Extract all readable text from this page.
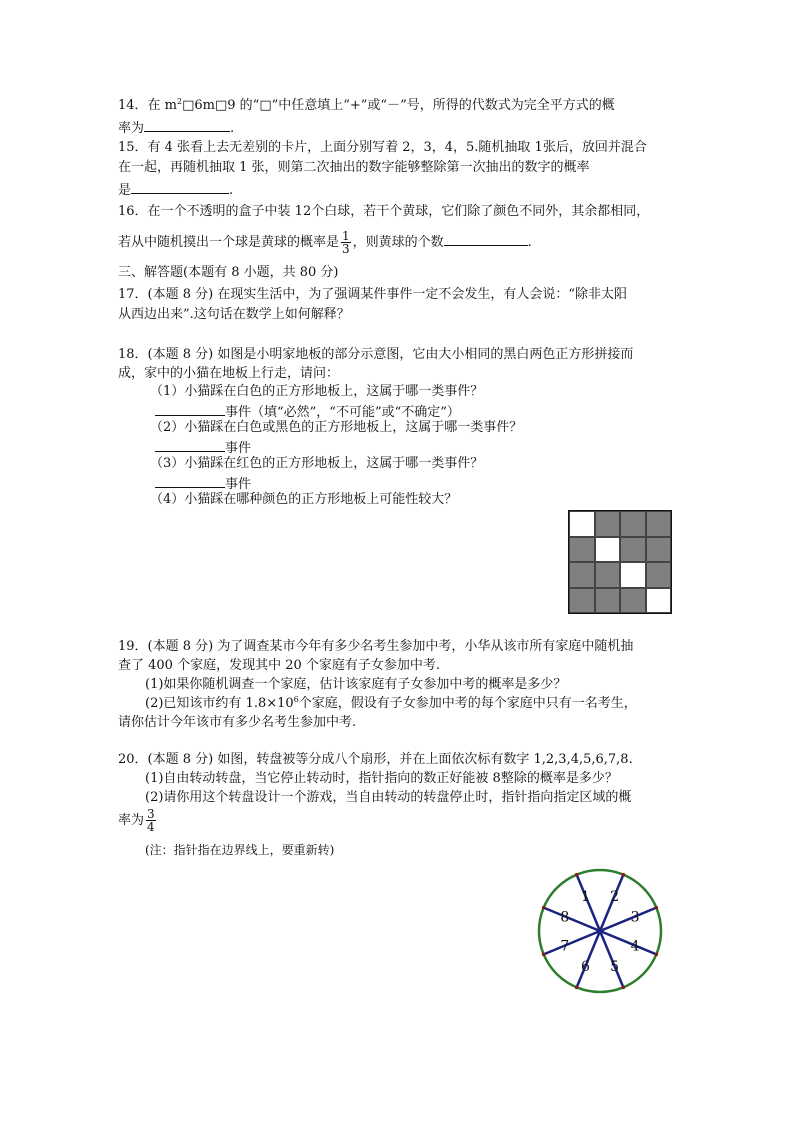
14．在 $m^2□6m□9$ 的“□”中任意填上“+”或“－”号，所得的代数式为完全平方式的概
率为	.
15．有 4 张看上去无差别的卡片，上面分别写着 2，3，4，5.随机抽取 1张后，放回并混合
在一起，再随机抽取 1 张，则第二次抽出的数字能够整除第一次抽出的数字的概率
是	.
16．在一个不透明的盒子中装 12个白球，若干个黄球，它们除了颜色不同外，其余都相同，
若从中随机摸出一个球是黄球的概率是 $\frac{1}{3}$ ，则黄球的个数	.
三、解答题(本题有 8 小题，共 80 分)
17．(本题 8 分) 在现实生活中，为了强调某件事件一定不会发生，有人会说：“除非太阳
从西边出来”.这句话在数学上如何解释？
18．(本题 8 分) 如图是小明家地板的部分示意图，它由大小相同的黑白两色正方形拼接而
成，家中的小猫在地板上行走，请问：
（1）小猫踩在白色的正方形地板上，这属于哪一类事件？
事件（填“必然”，“不可能”或“不确定”）
（2）小猫踩在白色或黑色的正方形地板上，这属于哪一类事件？
事件
（3）小猫踩在红色的正方形地板上，这属于哪一类事件？
事件
（4）小猫踩在哪种颜色的正方形地板上可能性较大？
19．(本题 8 分) 为了调查某市今年有多少名考生参加中考，小华从该市所有家庭中随机抽
查了 400 个家庭，发现其中 20 个家庭有子女参加中考.
(1)如果你随机调查一个家庭，估计该家庭有子女参加中考的概率是多少？
(2)已知该市约有 $1.8\times 10^6$个家庭，假设有子女参加中考的每个家庭中只有一名考生，
请你估计今年该市有多少名考生参加中考.
20．(本题 8 分) 如图，转盘被等分成八个扇形，并在上面依次标有数字 1,2,3,4,5,6,7,8.
(1)自由转动转盘，当它停止转动时，指针指向的数正好能被 8整除的概率是多少？
(2)请你用这个转盘设计一个游戏，当自由转动的转盘停止时，指针指向指定区域的概
率为 $\frac{3}{4}$
(注：指针指在边界线上，要重新转)
1 2
3
4
5
6
7
8
